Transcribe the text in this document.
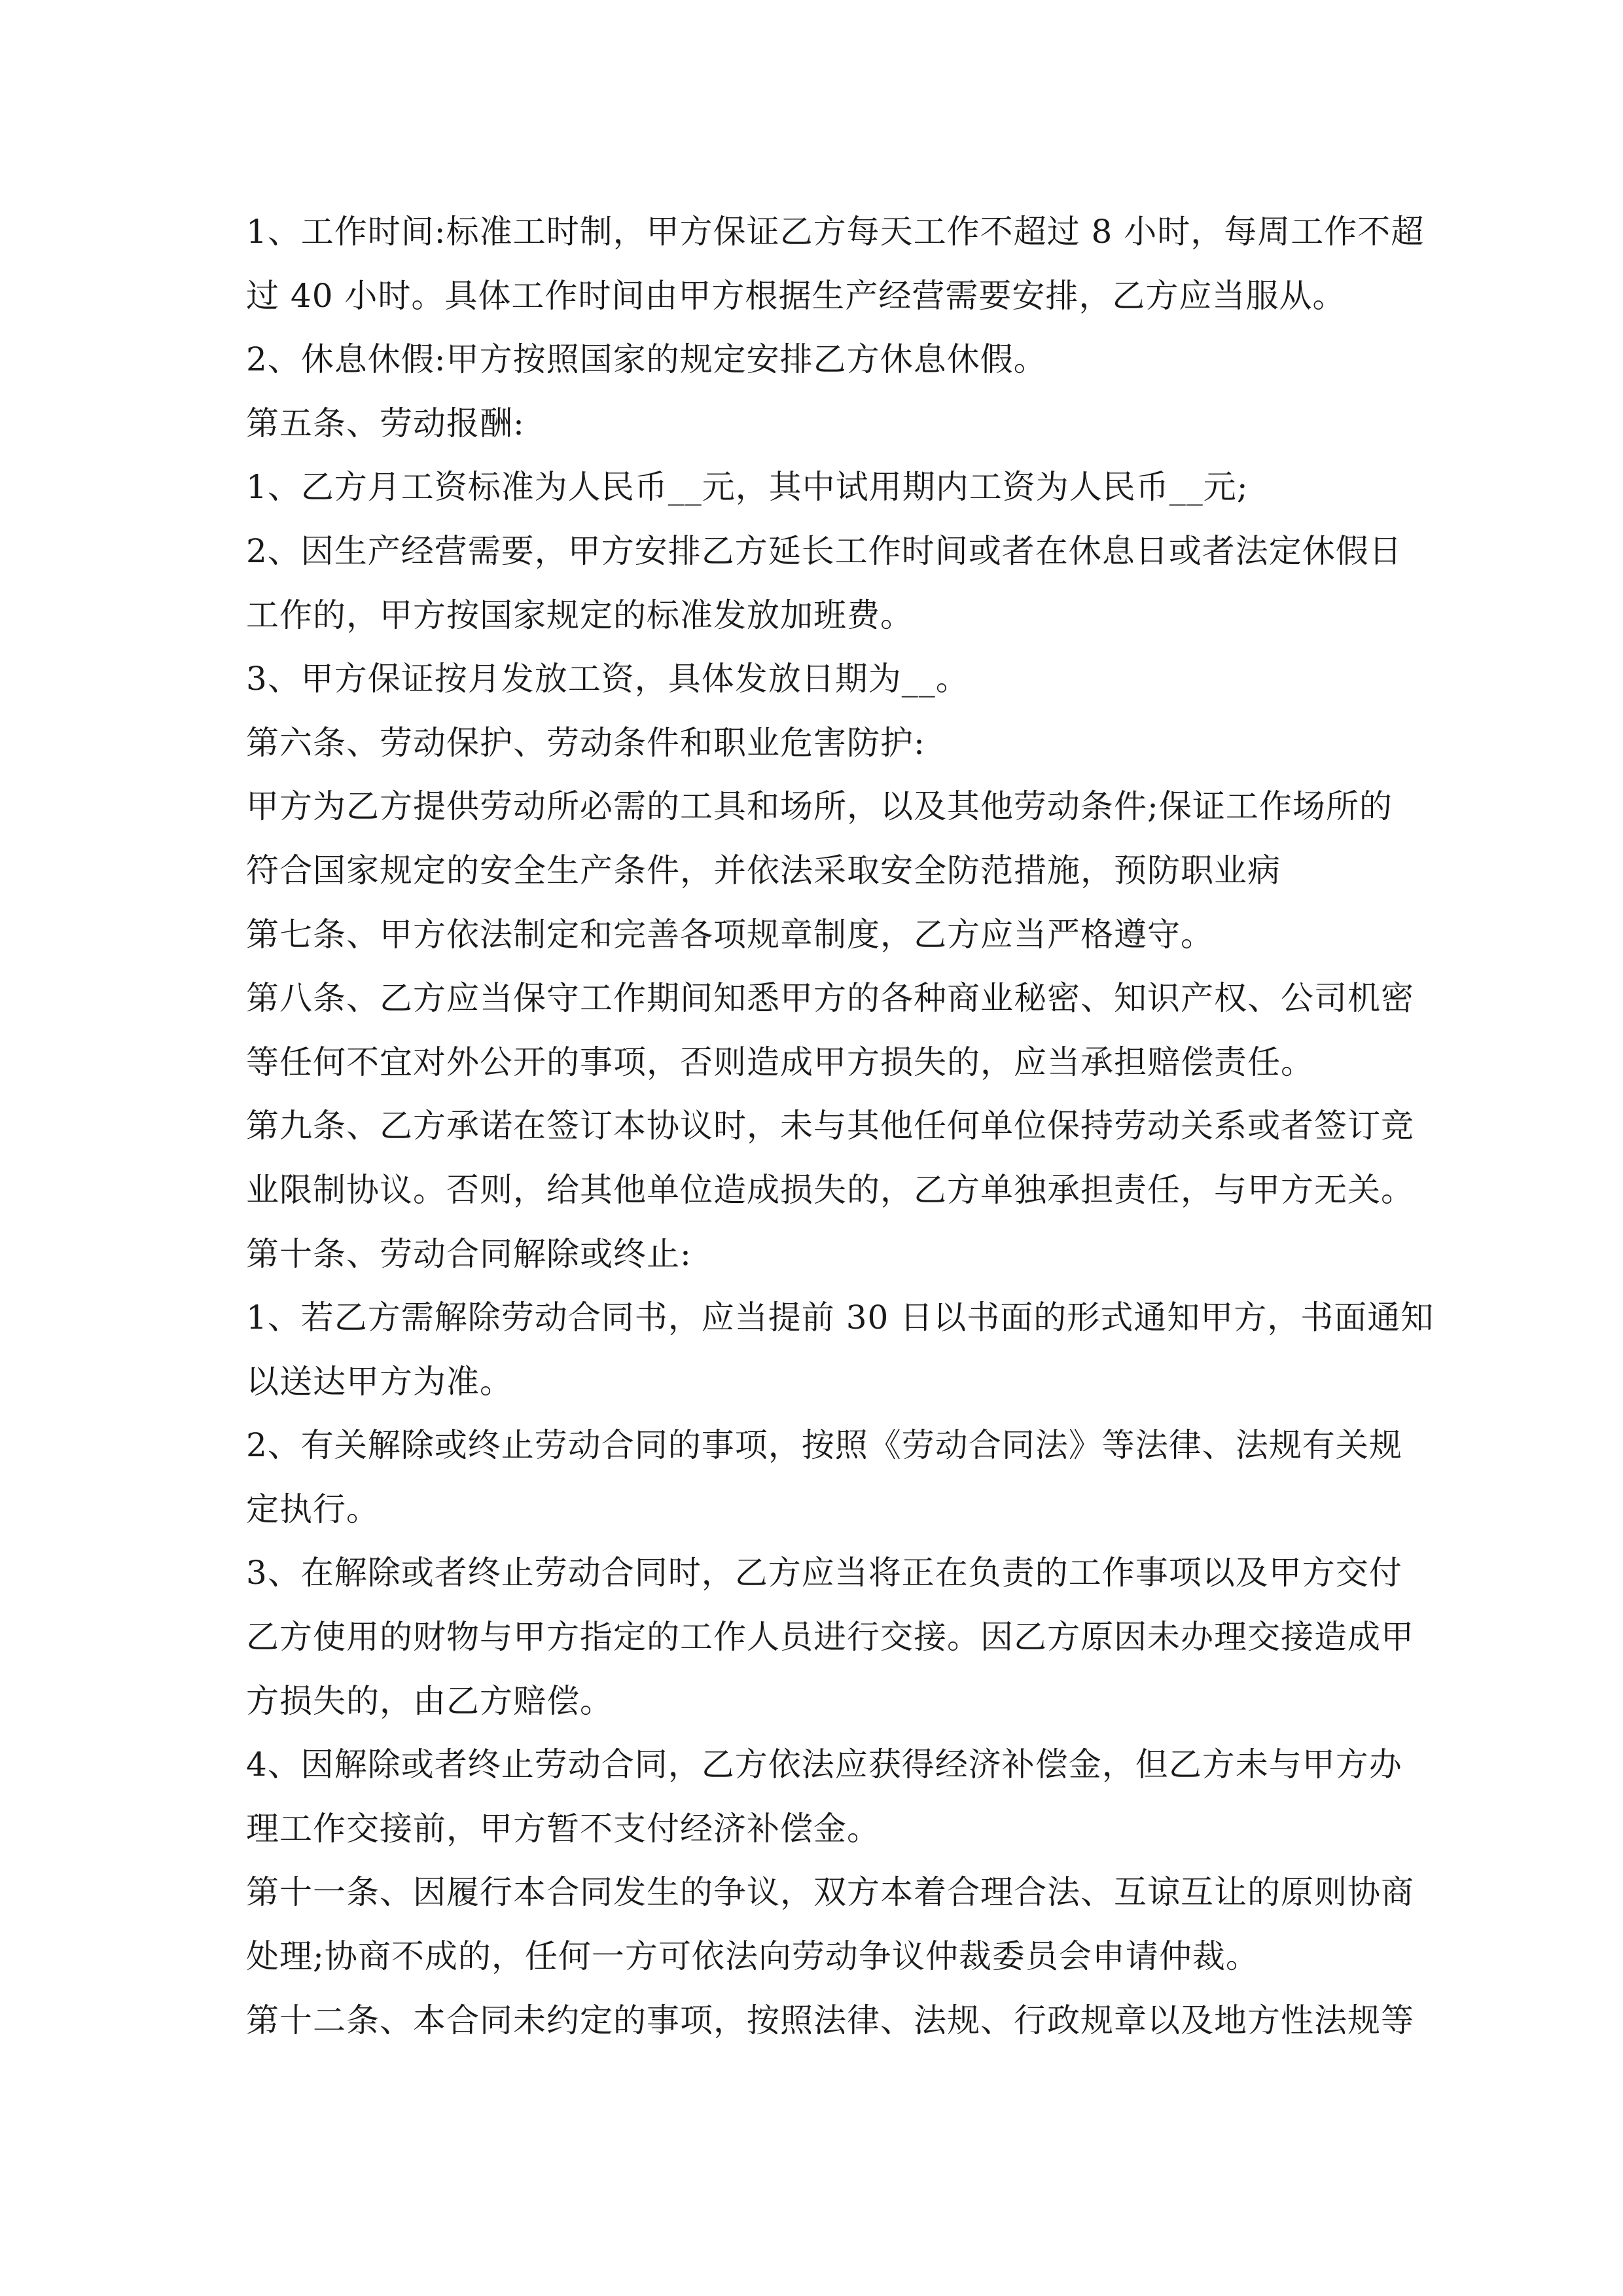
1、工作时间:标准工时制，甲方保证乙方每天工作不超过 8 小时，每周工作不超
过 40 小时。具体工作时间由甲方根据生产经营需要安排，乙方应当服从。
2、休息休假:甲方按照国家的规定安排乙方休息休假。
第五条、劳动报酬:
1、乙方月工资标准为人民币__元，其中试用期内工资为人民币__元;
2、因生产经营需要，甲方安排乙方延长工作时间或者在休息日或者法定休假日
工作的，甲方按国家规定的标准发放加班费。
3、甲方保证按月发放工资，具体发放日期为__。
第六条、劳动保护、劳动条件和职业危害防护:
甲方为乙方提供劳动所必需的工具和场所，以及其他劳动条件;保证工作场所的
符合国家规定的安全生产条件，并依法采取安全防范措施，预防职业病
第七条、甲方依法制定和完善各项规章制度，乙方应当严格遵守。
第八条、乙方应当保守工作期间知悉甲方的各种商业秘密、知识产权、公司机密
等任何不宜对外公开的事项，否则造成甲方损失的，应当承担赔偿责任。
第九条、乙方承诺在签订本协议时，未与其他任何单位保持劳动关系或者签订竞
业限制协议。否则，给其他单位造成损失的，乙方单独承担责任，与甲方无关。
第十条、劳动合同解除或终止:
1、若乙方需解除劳动合同书，应当提前 30 日以书面的形式通知甲方，书面通知
以送达甲方为准。
2、有关解除或终止劳动合同的事项，按照《劳动合同法》等法律、法规有关规
定执行。
3、在解除或者终止劳动合同时，乙方应当将正在负责的工作事项以及甲方交付
乙方使用的财物与甲方指定的工作人员进行交接。因乙方原因未办理交接造成甲
方损失的，由乙方赔偿。
4、因解除或者终止劳动合同，乙方依法应获得经济补偿金，但乙方未与甲方办
理工作交接前，甲方暂不支付经济补偿金。
第十一条、因履行本合同发生的争议，双方本着合理合法、互谅互让的原则协商
处理;协商不成的，任何一方可依法向劳动争议仲裁委员会申请仲裁。
第十二条、本合同未约定的事项，按照法律、法规、行政规章以及地方性法规等
